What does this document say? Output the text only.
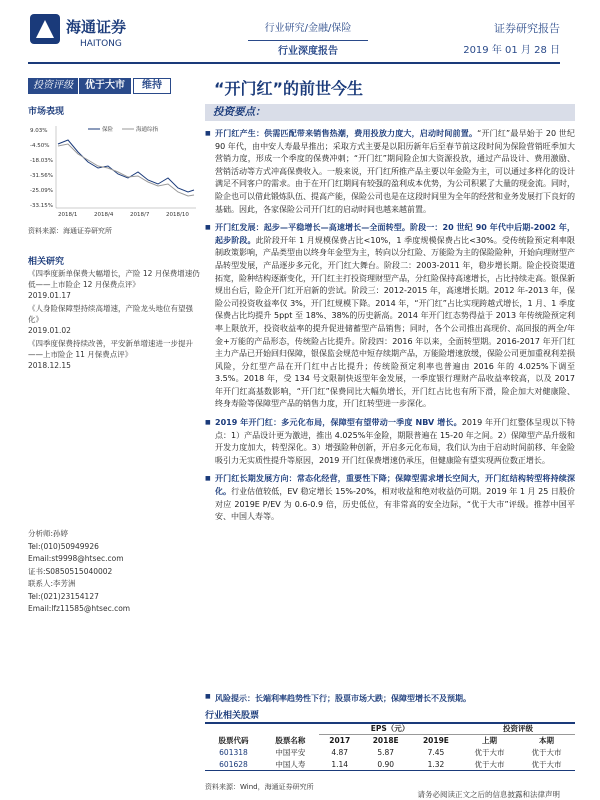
海通证券
HAITONG
行业研究/金融/保险
行业深度报告
证券研究报告
2019 年 01 月 28 日
投资评级	优于大市	维持	“开门红”的前世今生
市场表现	投资要点：
9.03%
-4.50%
-18.03%
-31.56%
-25.09%
-33.15%
2018/1	2018/4	2018/7	2018/10
保险	海通综指
资料来源：海通证券研究所
相关研究

《四季度新单保费大幅增长，产险 12 月保费增速仍低——上市险企 12 月保费点评》
2019.01.17

《人身险保障型持续高增速，产险龙头地位有望强化》
2019.01.02

《四季度保费持续改善，平安新单增速进一步提升——上市险企 11 月保费点评》
2018.12.15

分析师:孙婷
Tel:(010)50949926
Email:st9998@htsec.com
证书:S0850515040002
联系人:李芳洲
Tel:(021)23154127
Email:lfz11585@htsec.com

■ 开门红产生：供需匹配带来销售热潮，费用投放力度大，启动时间前置。“开门红”最早始于 20 世纪 90 年代，由中安人寿最早推出；采取方式主要是以阳历新年后至春节前这段时间为保险营销旺季加大营销力度，形成一个季度的保费冲刺；“开门红”期间险企加大资源投放，通过产品设计、费用激励、营销活动等方式冲高保费收入。一般来说，开门红所推产品主要以年金险为主，可以通过多样化的设计满足不同客户的需求。由于在开门红期间有较强的盈利成本优势，为公司积累了大量的现金流。同时，险企也可以借此锻炼队伍、提高产能，保险公司也是在这段时间里为全年的经营和业务发展打下良好的基础。因此，各家保险公司开门红的启动时间也越来越前置。

■ 开门红发展：起步—平稳增长—高速增长—全面转型。阶段一：20 世纪 90 年代中后期-2002 年，起步阶段。此阶段开年 1 月规模保费占比<10%，1 季度规模保费占比<30%。受传统险预定利率限制政策影响，产品类型由以终身年金型为主，转向以分红险、万能险为主的保险险种，开始向理财型产品转型发展，产品逐步多元化，开门红大舞台。阶段二：2003-2011 年，稳步增长期。险企投资渠道拓宽，险种结构逐渐变化，开门红主打投资理财型产品，分红险保持高速增长，占比持续走高。银保新规出台后，险企开门红开启新的尝试。阶段三：2012-2015 年，高速增长期。2012 年-2013 年，保险公司投资收益率仅 3%，开门红规模下降。2014 年，“开门红”占比实现跨越式增长，1 月、1 季度保费占比均提升 5ppt 至 18%、38%的历史新高。2014 年开门红态势得益于 2013 年传统险预定利率上限放开，投资收益率的提升促进储蓄型产品销售；同时，各个公司推出高现价、高回报的两全/年金+万能的产品形态，传统险占比提升。阶段四：2016 年以来，全面转型期。2016-2017 年开门红主力产品已开始回归保障，银保监会规范中短存续期产品，万能险增速放缓，保险公司更加重视利差损风险，分红型产品在开门红中占比提升；传统险预定利率也普遍由 2016 年的 4.025%下调至 3.5%。2018 年，受 134 号文限制快返型年金发展，一季度银行理财产品收益率较高，以及 2017 年开门红高基数影响，“开门红”保费同比大幅负增长，开门红占比也有所下滑，险企加大对健康险、终身寿险等保障型产品的销售力度，开门红转型进一步深化。

■ 2019 年开门红：多元化布局，保障型有望带动一季度 NBV 增长。2019 年开门红整体呈现以下特点：1）产品设计更为激进，推出 4.025%年金险，期限普遍在 15-20 年之间。2）保障型产品升级和开发力度加大，转型深化。3）增强险种创新，开启多元化布局，我们认为由于启动时间前移、年金险吸引力无实质性提升等原因，2019 开门红保费增速仍承压，但健康险有望实现两位数正增长。

■ 开门红长期发展方向：常态化经营，重要性下降；保障型需求增长空间大，开门红结构转型将持续深化。行业估值较低，EV 稳定增长 15%-20%，相对收益和绝对收益仍可期。2019 年 1 月 25 日股价对应 2019E P/EV 为 0.6-0.9 倍，历史低位，有非常高的安全边际，“优于大市”评级。推荐中国平安、中国人寿等。

■ 风险提示：长端利率趋势性下行；股票市场大跌；保障型增长不及预期。
行业相关股票
		EPS（元）			投资评级	
股票代码	股票名称	2017	2018E	2019E	上期	本期
601318	中国平安	4.87	5.87	7.45	优于大市	优于大市
601628	中国人寿	1.14	0.90	1.32	优于大市	优于大市
资料来源：Wind，海通证券研究所
请务必阅读正文之后的信息披露和法律声明
